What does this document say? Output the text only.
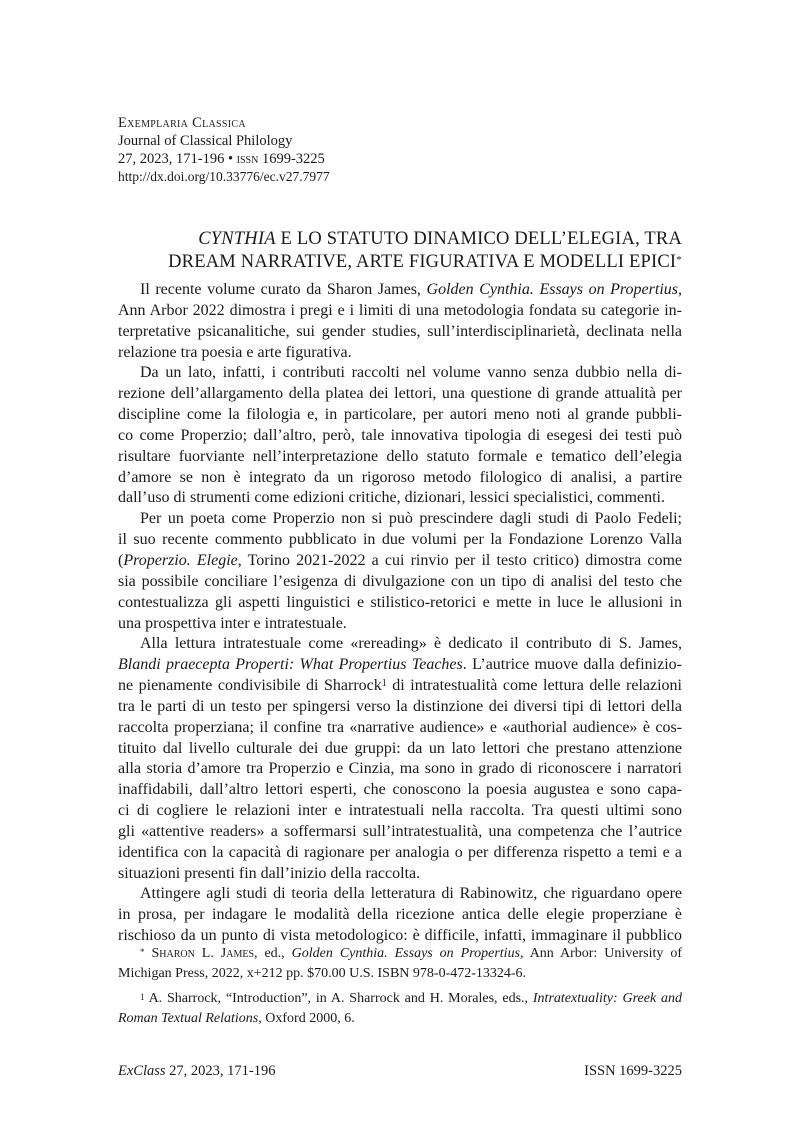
Exemplaria Classica
Journal of Classical Philology
27, 2023, 171-196 • issn 1699-3225
http://dx.doi.org/10.33776/ec.v27.7977
CYNTHIA E LO STATUTO DINAMICO DELL’ELEGIA, TRA
DREAM NARRATIVE, ARTE FIGURATIVA E MODELLI EPICI*
Il recente volume curato da Sharon James, Golden Cynthia. Essays on Propertius,
Ann Arbor 2022 dimostra i pregi e i limiti di una metodologia fondata su categorie in-
terpretative psicanalitiche, sui gender studies, sull’interdisciplinarietà, declinata nella
relazione tra poesia e arte figurativa.
Da un lato, infatti, i contributi raccolti nel volume vanno senza dubbio nella di-
rezione dell’allargamento della platea dei lettori, una questione di grande attualità per
discipline come la filologia e, in particolare, per autori meno noti al grande pubbli-
co come Properzio; dall’altro, però, tale innovativa tipologia di esegesi dei testi può
risultare fuorviante nell’interpretazione dello statuto formale e tematico dell’elegia
d’amore se non è integrato da un rigoroso metodo filologico di analisi, a partire
dall’uso di strumenti come edizioni critiche, dizionari, lessici specialistici, commenti.
Per un poeta come Properzio non si può prescindere dagli studi di Paolo Fedeli;
il suo recente commento pubblicato in due volumi per la Fondazione Lorenzo Valla
(Properzio. Elegie, Torino 2021-2022 a cui rinvio per il testo critico) dimostra come
sia possibile conciliare l’esigenza di divulgazione con un tipo di analisi del testo che
contestualizza gli aspetti linguistici e stilistico-retorici e mette in luce le allusioni in
una prospettiva inter e intratestuale.
Alla lettura intratestuale come «rereading» è dedicato il contributo di S. James,
Blandi praecepta Properti: What Propertius Teaches. L’autrice muove dalla definizio-
ne pienamente condivisibile di Sharrock$^1$ di intratestualità come lettura delle relazioni
tra le parti di un testo per spingersi verso la distinzione dei diversi tipi di lettori della
raccolta properziana; il confine tra «narrative audience» e «authorial audience» è cos-
tituito dal livello culturale dei due gruppi: da un lato lettori che prestano attenzione
alla storia d’amore tra Properzio e Cinzia, ma sono in grado di riconoscere i narratori
inaffidabili, dall’altro lettori esperti, che conoscono la poesia augustea e sono capa-
ci di cogliere le relazioni inter e intratestuali nella raccolta. Tra questi ultimi sono
gli «attentive readers» a soffermarsi sull’intratestualità, una competenza che l’autrice
identifica con la capacità di ragionare per analogia o per differenza rispetto a temi e a
situazioni presenti fin dall’inizio della raccolta.
Attingere agli studi di teoria della letteratura di Rabinowitz, che riguardano opere
in prosa, per indagare le modalità della ricezione antica delle elegie properziane è
rischioso da un punto di vista metodologico: è difficile, infatti, immaginare il pubblico
* Sharon L. James, ed., Golden Cynthia. Essays on Propertius, Ann Arbor: University of
Michigan Press, 2022, x+212 pp. $70.00 U.S. ISBN 978-0-472-13324-6.
$^1$ A. Sharrock, “Introduction”, in A. Sharrock and H. Morales, eds., Intratextuality: Greek and
Roman Textual Relations, Oxford 2000, 6.
ExClass 27, 2023, 171-196	ISSN 1699-3225
